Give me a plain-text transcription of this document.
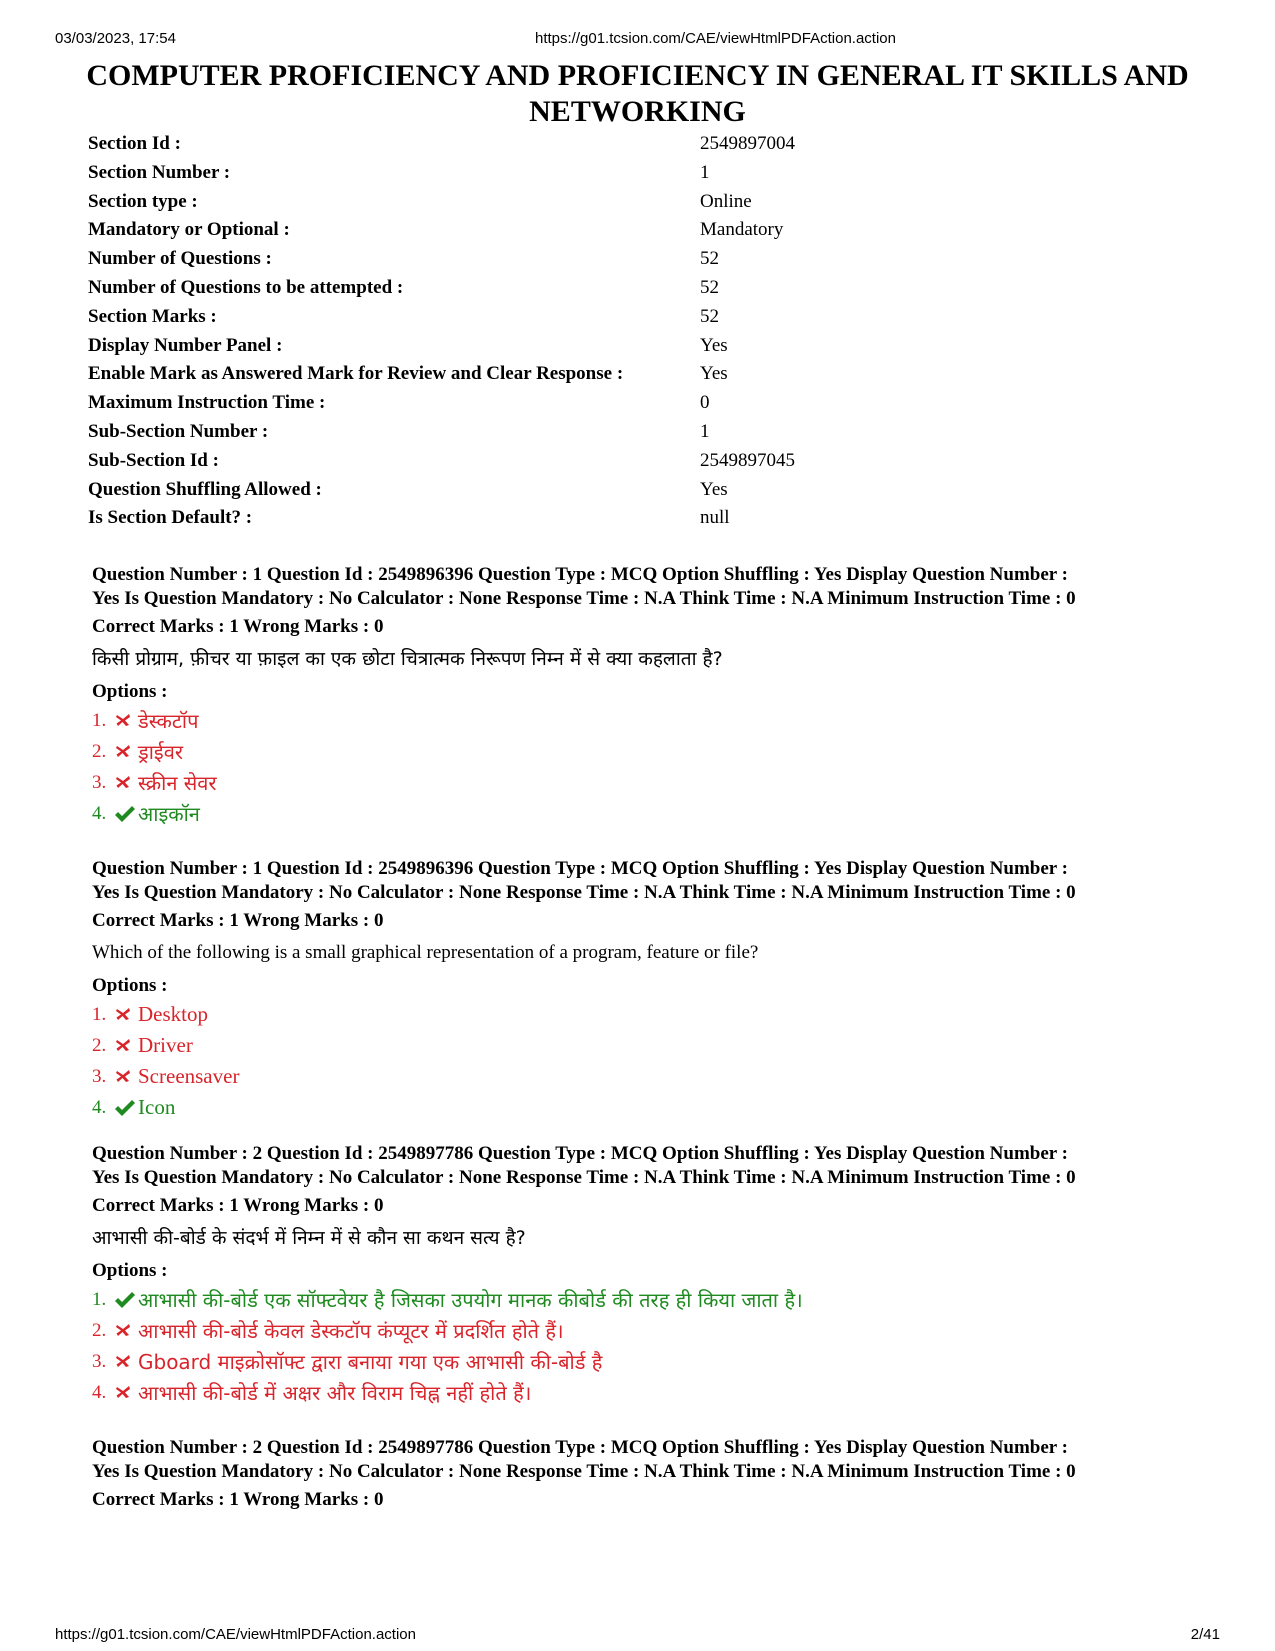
03/03/2023, 17:54	https://g01.tcsion.com/CAE/viewHtmlPDFAction.action
COMPUTER PROFICIENCY AND PROFICIENCY IN GENERAL IT SKILLS AND NETWORKING
Section Id :	2549897004
Section Number :	1
Section type :	Online
Mandatory or Optional :	Mandatory
Number of Questions :	52
Number of Questions to be attempted :	52
Section Marks :	52
Display Number Panel :	Yes
Enable Mark as Answered Mark for Review and Clear Response :	Yes
Maximum Instruction Time :	0
Sub-Section Number :	1
Sub-Section Id :	2549897045
Question Shuffling Allowed :	Yes
Is Section Default? :	null
Question Number : 1 Question Id : 2549896396 Question Type : MCQ Option Shuffling : Yes Display Question Number :
Yes Is Question Mandatory : No Calculator : None Response Time : N.A Think Time : N.A Minimum Instruction Time : 0
Correct Marks : 1 Wrong Marks : 0
किसी प्रोग्राम, फ़ीचर या फ़ाइल का एक छोटा चित्रात्मक निरूपण निम्न में से क्या कहलाता है?
Options :
1.	डेस्कटॉप
2.	ड्राईवर
3.	स्क्रीन सेवर
4.	आइकॉन
Question Number : 1 Question Id : 2549896396 Question Type : MCQ Option Shuffling : Yes Display Question Number :
Yes Is Question Mandatory : No Calculator : None Response Time : N.A Think Time : N.A Minimum Instruction Time : 0
Correct Marks : 1 Wrong Marks : 0
Which of the following is a small graphical representation of a program, feature or file?
Options :
1.	Desktop
2.	Driver
3.	Screensaver
4.	Icon
Question Number : 2 Question Id : 2549897786 Question Type : MCQ Option Shuffling : Yes Display Question Number :
Yes Is Question Mandatory : No Calculator : None Response Time : N.A Think Time : N.A Minimum Instruction Time : 0
Correct Marks : 1 Wrong Marks : 0
आभासी की-बोर्ड के संदर्भ में निम्न में से कौन सा कथन सत्य है?
Options :
1.	आभासी की-बोर्ड एक सॉफ्टवेयर है जिसका उपयोग मानक कीबोर्ड की तरह ही किया जाता है।
2.	आभासी की-बोर्ड केवल डेस्कटॉप कंप्यूटर में प्रदर्शित होते हैं।
3.	Gboard माइक्रोसॉफ्ट द्वारा बनाया गया एक आभासी की-बोर्ड है
4.	आभासी की-बोर्ड में अक्षर और विराम चिह्न नहीं होते हैं।
Question Number : 2 Question Id : 2549897786 Question Type : MCQ Option Shuffling : Yes Display Question Number :
Yes Is Question Mandatory : No Calculator : None Response Time : N.A Think Time : N.A Minimum Instruction Time : 0
Correct Marks : 1 Wrong Marks : 0
https://g01.tcsion.com/CAE/viewHtmlPDFAction.action	2/41
